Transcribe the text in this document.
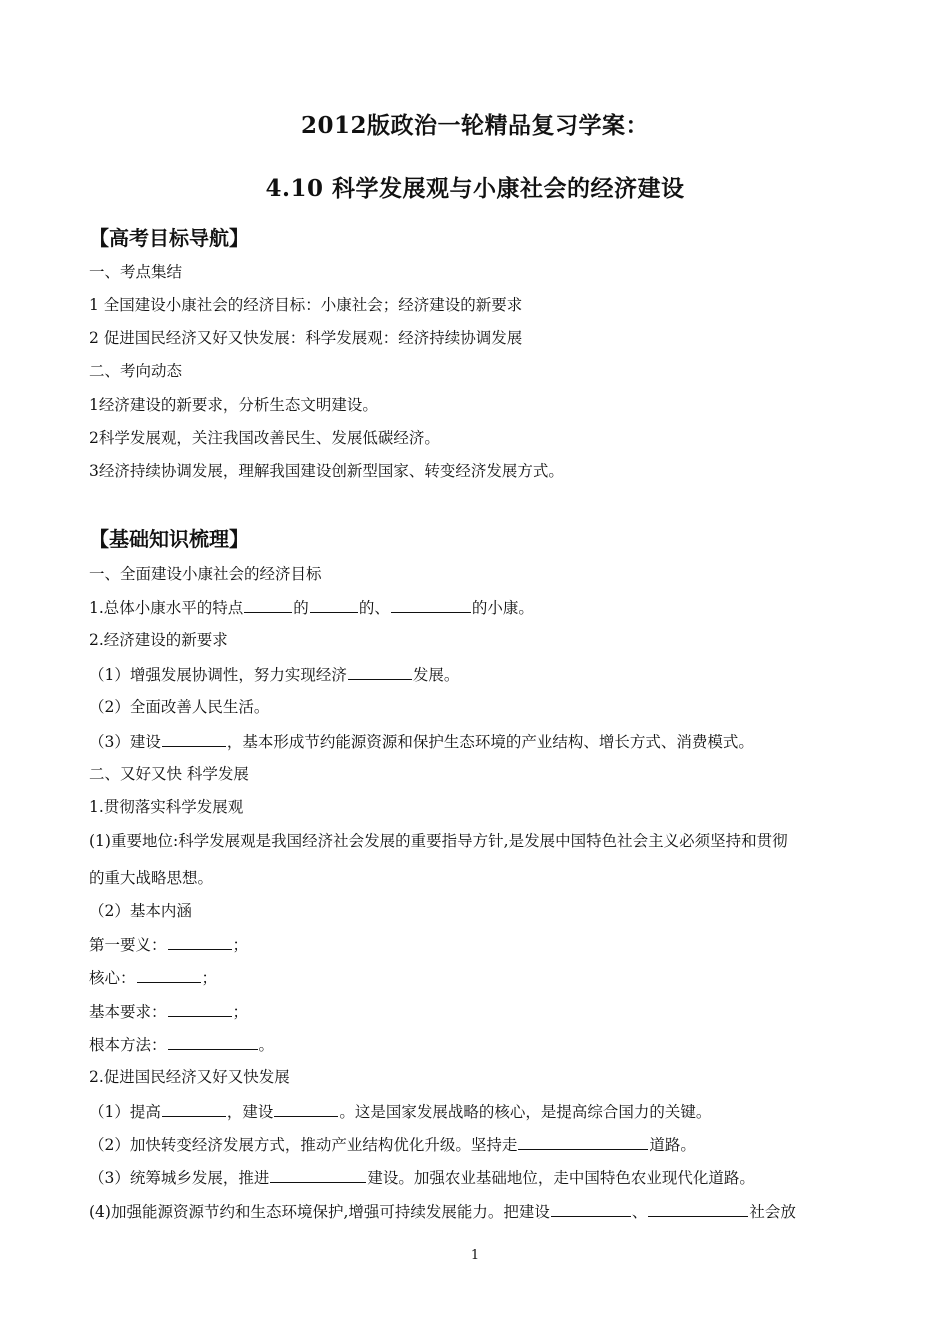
2012版政治一轮精品复习学案：
4.10 科学发展观与小康社会的经济建设
【高考目标导航】
一、考点集结
1 全国建设小康社会的经济目标：小康社会；经济建设的新要求
2 促进国民经济又好又快发展：科学发展观：经济持续协调发展
二、考向动态
1经济建设的新要求，分析生态文明建设。
2科学发展观，关注我国改善民生、发展低碳经济。
3经济持续协调发展，理解我国建设创新型国家、转变经济发展方式。
【基础知识梳理】
一、全面建设小康社会的经济目标
1.总体小康水平的特点	的	的、	的小康。
2.经济建设的新要求
（1）增强发展协调性，努力实现经济	发展。
（2）全面改善人民生活。
（3）建设	，基本形成节约能源资源和保护生态环境的产业结构、增长方式、消费模式。
二、又好又快 科学发展
1.贯彻落实科学发展观
(1)重要地位:科学发展观是我国经济社会发展的重要指导方针,是发展中国特色社会主义必须坚持和贯彻
的重大战略思想。
（2）基本内涵
第一要义：	；
核心：	；
基本要求：	；
根本方法：	。
2.促进国民经济又好又快发展
（1）提高	，建设	。这是国家发展战略的核心，是提高综合国力的关键。
（2）加快转变经济发展方式，推动产业结构优化升级。坚持走	道路。
（3）统筹城乡发展，推进	建设。加强农业基础地位，走中国特色农业现代化道路。
(4)加强能源资源节约和生态环境保护,增强可持续发展能力。把建设	、	社会放
1
